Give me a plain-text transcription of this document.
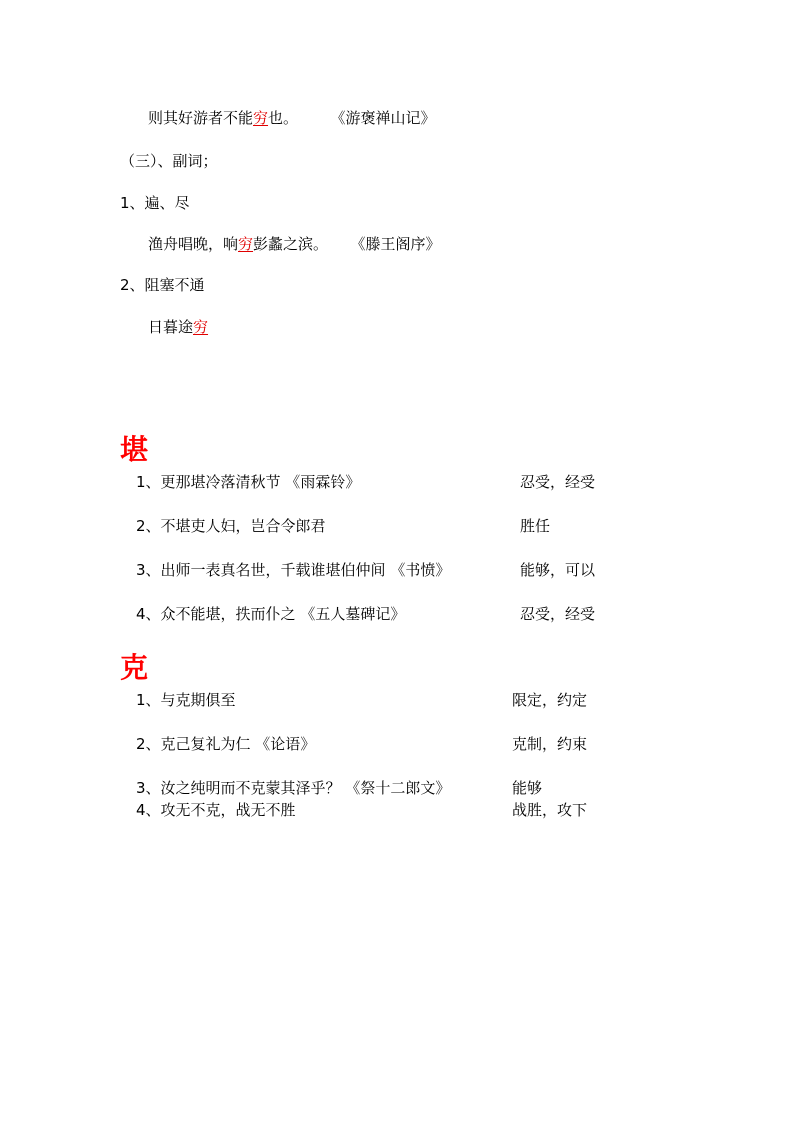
则其好游者不能穷也。	《游褒禅山记》
（三）、副词；
1、遍、尽
渔舟唱晚，响穷彭蠡之滨。 《滕王阁序》
2、阻塞不通
日暮途穷
堪
1、更那堪冷落清秋节 《雨霖铃》	忍受，经受
2、不堪吏人妇，岂合令郎君	胜任
3、出师一表真名世，千载谁堪伯仲间 《书愤》	能够，可以
4、众不能堪，抶而仆之 《五人墓碑记》	忍受，经受
克
1、与克期俱至	限定，约定
2、克己复礼为仁 《论语》	克制，约束
3、汝之纯明而不克蒙其泽乎？ 《祭十二郎文》	能够
4、攻无不克，战无不胜	战胜，攻下
